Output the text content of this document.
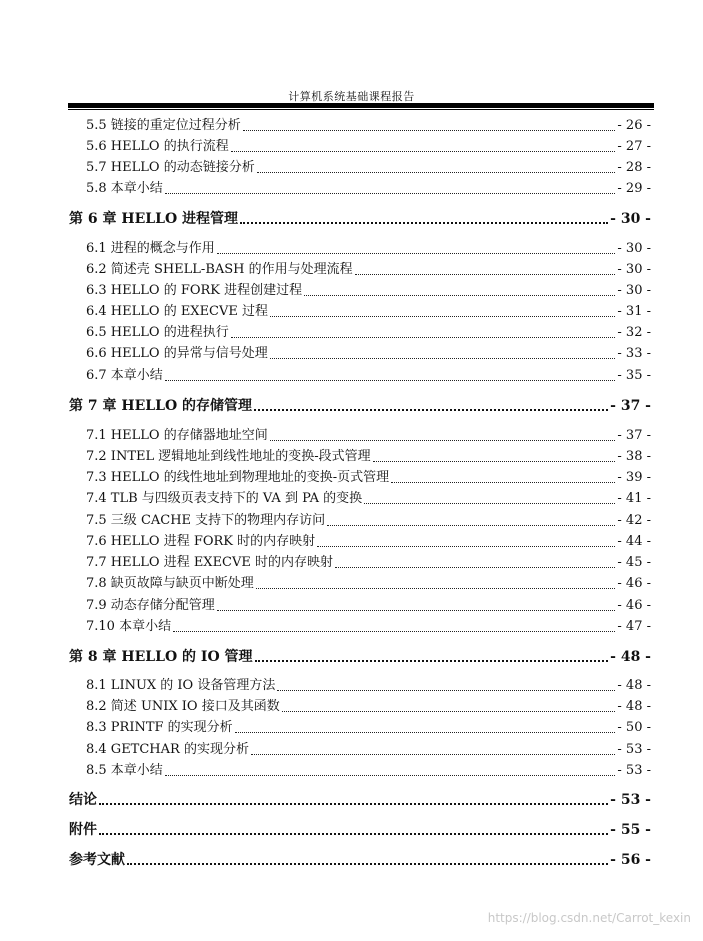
计算机系统基础课程报告
5.5 链接的重定位过程分析	- 26 -
5.6 HELLO 的执行流程	- 27 -
5.7 HELLO 的动态链接分析	- 28 -
5.8 本章小结	- 29 -
第 6 章 HELLO 进程管理	- 30 -
6.1 进程的概念与作用	- 30 -
6.2 简述壳 SHELL-BASH 的作用与处理流程	- 30 -
6.3 HELLO 的 FORK 进程创建过程	- 30 -
6.4 HELLO 的 EXECVE 过程	- 31 -
6.5 HELLO 的进程执行	- 32 -
6.6 HELLO 的异常与信号处理	- 33 -
6.7 本章小结	- 35 -
第 7 章 HELLO 的存储管理	- 37 -
7.1 HELLO 的存储器地址空间	- 37 -
7.2 INTEL 逻辑地址到线性地址的变换-段式管理	- 38 -
7.3 HELLO 的线性地址到物理地址的变换-页式管理	- 39 -
7.4 TLB 与四级页表支持下的 VA 到 PA 的变换	- 41 -
7.5 三级 CACHE 支持下的物理内存访问	- 42 -
7.6 HELLO 进程 FORK 时的内存映射	- 44 -
7.7 HELLO 进程 EXECVE 时的内存映射	- 45 -
7.8 缺页故障与缺页中断处理	- 46 -
7.9 动态存储分配管理	- 46 -
7.10 本章小结	- 47 -
第 8 章 HELLO 的 IO 管理	- 48 -
8.1 LINUX 的 IO 设备管理方法	- 48 -
8.2 简述 UNIX IO 接口及其函数	- 48 -
8.3 PRINTF 的实现分析	- 50 -
8.4 GETCHAR 的实现分析	- 53 -
8.5 本章小结	- 53 -
结论	- 53 -
附件	- 55 -
参考文献	- 56 -
https://blog.csdn.net/Carrot_kexin
